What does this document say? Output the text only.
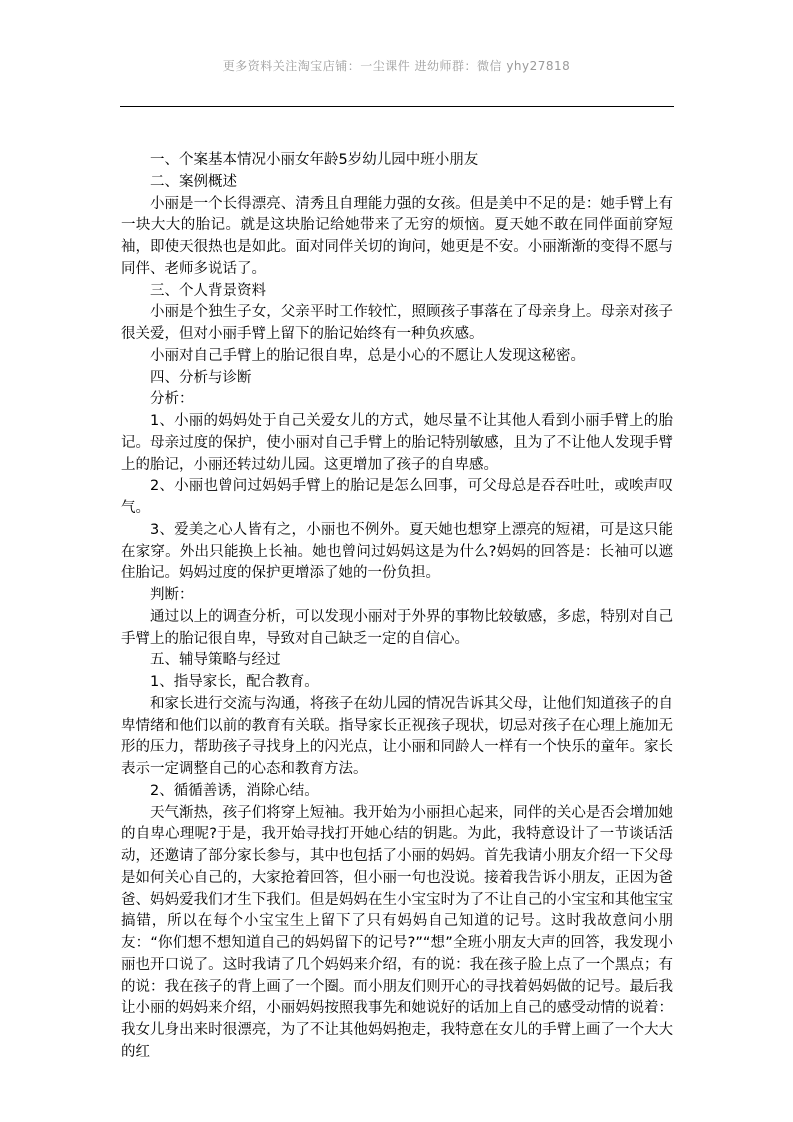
更多资料关注淘宝店铺：一尘课件 进幼师群：微信 yhy27818

一、个案基本情况小丽女年龄5岁幼儿园中班小朋友

二、案例概述

小丽是一个长得漂亮、清秀且自理能力强的女孩。但是美中不足的是：她手臂上有一块大大的胎记。就是这块胎记给她带来了无穷的烦恼。夏天她不敢在同伴面前穿短袖，即使天很热也是如此。面对同伴关切的询问，她更是不安。小丽渐渐的变得不愿与同伴、老师多说话了。

三、个人背景资料

小丽是个独生子女，父亲平时工作较忙，照顾孩子事落在了母亲身上。母亲对孩子很关爱，但对小丽手臂上留下的胎记始终有一种负疚感。

小丽对自己手臂上的胎记很自卑，总是小心的不愿让人发现这秘密。

四、分析与诊断

分析：

1、小丽的妈妈处于自己关爱女儿的方式，她尽量不让其他人看到小丽手臂上的胎记。母亲过度的保护，使小丽对自己手臂上的胎记特别敏感，且为了不让他人发现手臂上的胎记，小丽还转过幼儿园。这更增加了孩子的自卑感。

2、小丽也曾问过妈妈手臂上的胎记是怎么回事，可父母总是吞吞吐吐，或唉声叹气。

3、爱美之心人皆有之，小丽也不例外。夏天她也想穿上漂亮的短裙，可是这只能在家穿。外出只能换上长袖。她也曾问过妈妈这是为什么?妈妈的回答是：长袖可以遮住胎记。妈妈过度的保护更增添了她的一份负担。

判断：

通过以上的调查分析，可以发现小丽对于外界的事物比较敏感，多虑，特别对自己手臂上的胎记很自卑，导致对自己缺乏一定的自信心。

五、辅导策略与经过

1、指导家长，配合教育。

和家长进行交流与沟通，将孩子在幼儿园的情况告诉其父母，让他们知道孩子的自卑情绪和他们以前的教育有关联。指导家长正视孩子现状，切忌对孩子在心理上施加无形的压力，帮助孩子寻找身上的闪光点，让小丽和同龄人一样有一个快乐的童年。家长表示一定调整自己的心态和教育方法。

2、循循善诱，消除心结。

天气渐热，孩子们将穿上短袖。我开始为小丽担心起来，同伴的关心是否会增加她的自卑心理呢?于是，我开始寻找打开她心结的钥匙。为此，我特意设计了一节谈话活动，还邀请了部分家长参与，其中也包括了小丽的妈妈。首先我请小朋友介绍一下父母是如何关心自己的，大家抢着回答，但小丽一句也没说。接着我告诉小朋友，正因为爸爸、妈妈爱我们才生下我们。但是妈妈在生小宝宝时为了不让自己的小宝宝和其他宝宝搞错，所以在每个小宝宝生上留下了只有妈妈自己知道的记号。这时我故意问小朋友：“你们想不想知道自己的妈妈留下的记号?”“想”全班小朋友大声的回答，我发现小丽也开口说了。这时我请了几个妈妈来介绍，有的说：我在孩子脸上点了一个黑点；有的说：我在孩子的背上画了一个圈。而小朋友们则开心的寻找着妈妈做的记号。最后我让小丽的妈妈来介绍，小丽妈妈按照我事先和她说好的话加上自己的感受动情的说着：我女儿身出来时很漂亮，为了不让其他妈妈抱走，我特意在女儿的手臂上画了一个大大的红
